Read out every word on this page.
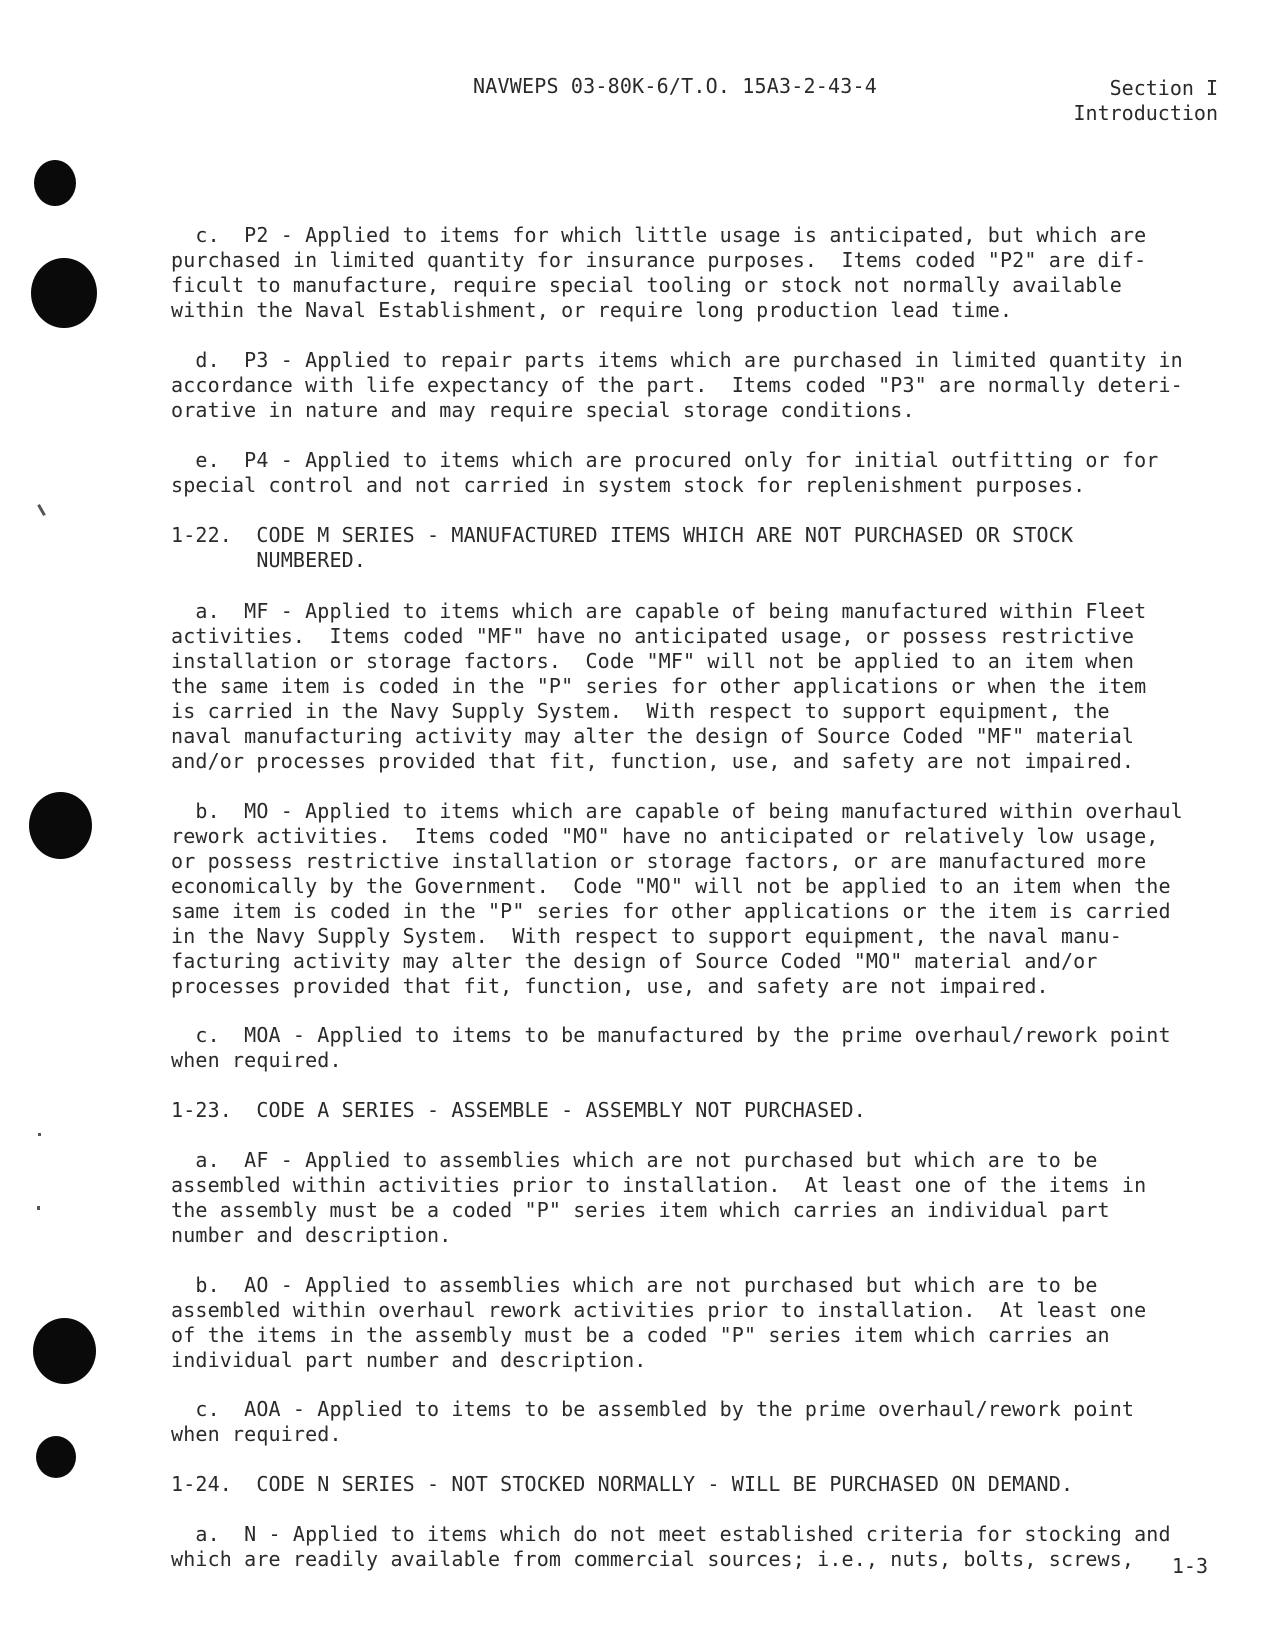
NAVWEPS 03-80K-6/T.O. 15A3-2-43-4	Section I
Introduction

c.  P2 - Applied to items for which little usage is anticipated, but which are
purchased in limited quantity for insurance purposes.  Items coded "P2" are dif-
ficult to manufacture, require special tooling or stock not normally available
within the Naval Establishment, or require long production lead time.

d.  P3 - Applied to repair parts items which are purchased in limited quantity in
accordance with life expectancy of the part.  Items coded "P3" are normally deteri-
orative in nature and may require special storage conditions.

e.  P4 - Applied to items which are procured only for initial outfitting or for
special control and not carried in system stock for replenishment purposes.

1-22.  CODE M SERIES - MANUFACTURED ITEMS WHICH ARE NOT PURCHASED OR STOCK
NUMBERED.

a.  MF - Applied to items which are capable of being manufactured within Fleet
activities.  Items coded "MF" have no anticipated usage, or possess restrictive
installation or storage factors.  Code "MF" will not be applied to an item when
the same item is coded in the "P" series for other applications or when the item
is carried in the Navy Supply System.  With respect to support equipment, the
naval manufacturing activity may alter the design of Source Coded "MF" material
and/or processes provided that fit, function, use, and safety are not impaired.

b.  MO - Applied to items which are capable of being manufactured within overhaul
rework activities.  Items coded "MO" have no anticipated or relatively low usage,
or possess restrictive installation or storage factors, or are manufactured more
economically by the Government.  Code "MO" will not be applied to an item when the
same item is coded in the "P" series for other applications or the item is carried
in the Navy Supply System.  With respect to support equipment, the naval manu-
facturing activity may alter the design of Source Coded "MO" material and/or
processes provided that fit, function, use, and safety are not impaired.

c.  MOA - Applied to items to be manufactured by the prime overhaul/rework point
when required.

1-23.  CODE A SERIES - ASSEMBLE - ASSEMBLY NOT PURCHASED.

a.  AF - Applied to assemblies which are not purchased but which are to be
assembled within activities prior to installation.  At least one of the items in
the assembly must be a coded "P" series item which carries an individual part
number and description.

b.  AO - Applied to assemblies which are not purchased but which are to be
assembled within overhaul rework activities prior to installation.  At least one
of the items in the assembly must be a coded "P" series item which carries an
individual part number and description.

c.  AOA - Applied to items to be assembled by the prime overhaul/rework point
when required.

1-24.  CODE N SERIES - NOT STOCKED NORMALLY - WILL BE PURCHASED ON DEMAND.

a.  N - Applied to items which do not meet established criteria for stocking and
which are readily available from commercial sources; i.e., nuts, bolts, screws,	1-3
